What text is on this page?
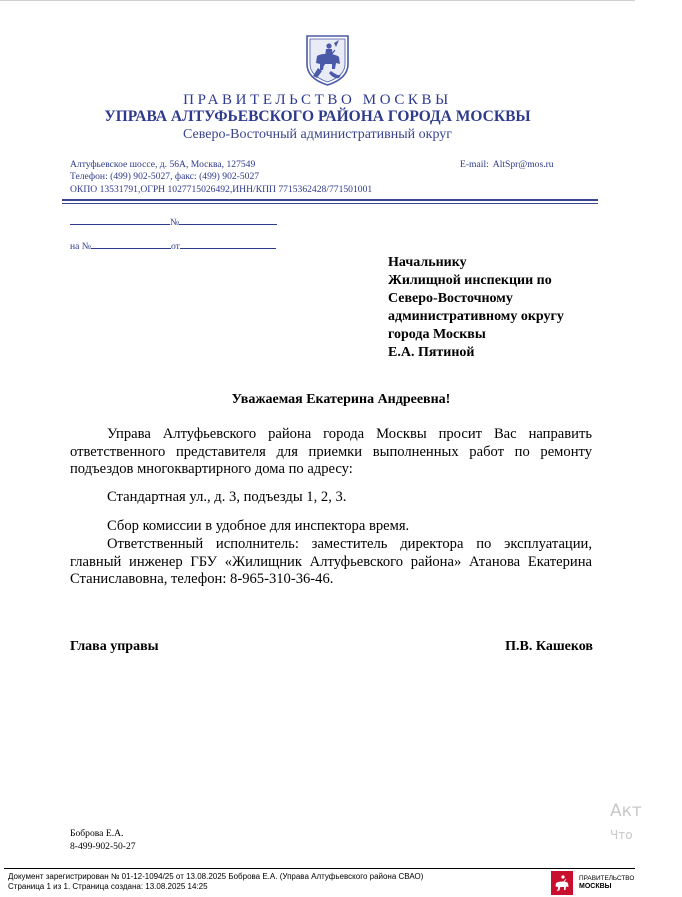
ПРАВИТЕЛЬСТВО МОСКВЫ
УПРАВА АЛТУФЬЕВСКОГО РАЙОНА ГОРОДА МОСКВЫ
Северо-Восточный административный округ
Алтуфьевское шоссе, д. 56А, Москва, 127549
Телефон: (499) 902-5027, факс: (499) 902-5027
ОКПО 13531791,ОГРН 1027715026492,ИНН/КПП 7715362428/771501001
E-mail: AltSpr@mos.ru
№
на №	от
Начальнику
Жилищной инспекции по
Северо-Восточному
административному округу
города Москвы
Е.А. Пятиной
Уважаемая Екатерина Андреевна!
Управа Алтуфьевского района города Москвы просит Вас направить ответственного представителя для приемки выполненных работ по ремонту подъездов многоквартирного дома по адресу:
Стандартная ул., д. 3, подъезды 1, 2, 3.
Сбор комиссии в удобное для инспектора время.
Ответственный исполнитель: заместитель директора по эксплуатации, главный инженер ГБУ «Жилищник Алтуфьевского района» Атанова Екатерина Станиславовна, телефон: 8-965-310-36-46.
Глава управы	П.В. Кашеков
Боброва Е.А.
8-499-902-50-27
Акт
Что
Документ зарегистрирован № 01-12-1094/25 от 13.08.2025 Боброва Е.А. (Управа Алтуфьевского района СВАО)
Страница 1 из 1. Страница создана: 13.08.2025 14:25
ПРАВИТЕЛЬСТВО
МОСКВЫ
